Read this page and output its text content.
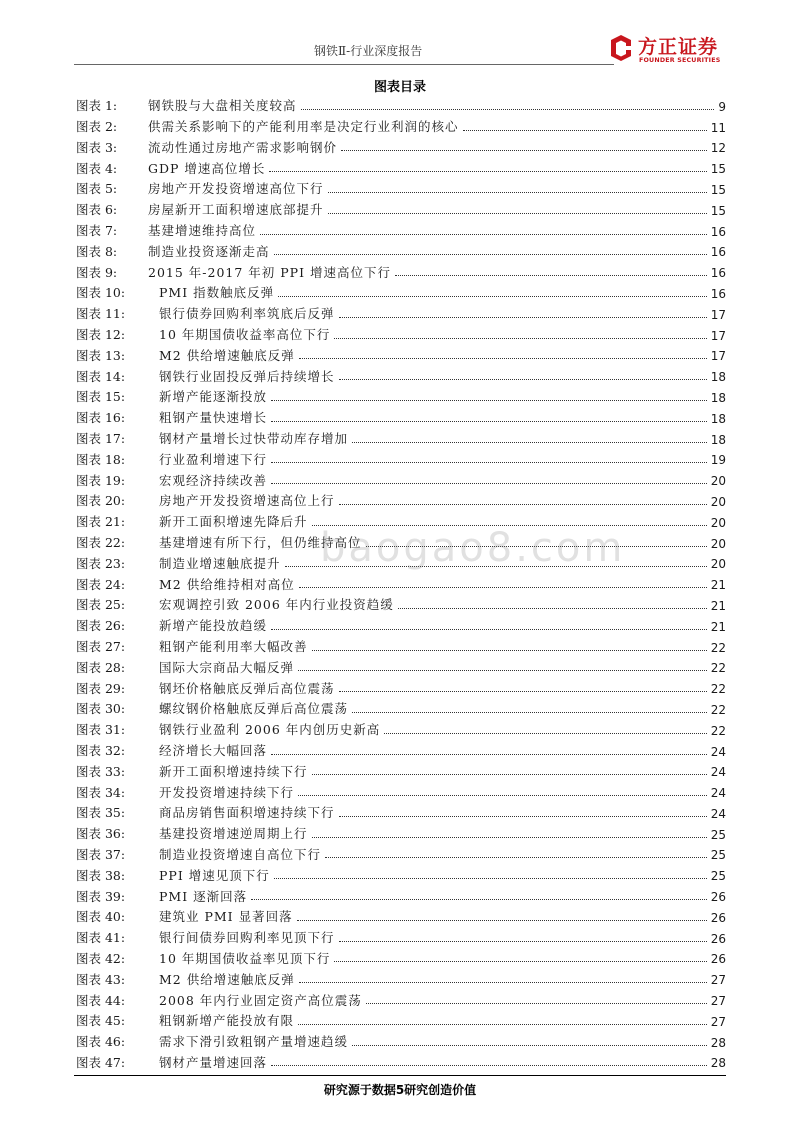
钢铁Ⅱ-行业深度报告	方正证券
FOUNDER SECURITIES
图表目录
图表 1:	钢铁股与大盘相关度较高	9
图表 2:	供需关系影响下的产能利用率是决定行业利润的核心	11
图表 3:	流动性通过房地产需求影响钢价	12
图表 4:	GDP 增速高位增长	15
图表 5:	房地产开发投资增速高位下行	15
图表 6:	房屋新开工面积增速底部提升	15
图表 7:	基建增速维持高位	16
图表 8:	制造业投资逐渐走高	16
图表 9:	2015 年-2017 年初 PPI 增速高位下行	16
图表 10:	PMI 指数触底反弹	16
图表 11:	银行债券回购利率筑底后反弹	17
图表 12:	10 年期国债收益率高位下行	17
图表 13:	M2 供给增速触底反弹	17
图表 14:	钢铁行业固投反弹后持续增长	18
图表 15:	新增产能逐渐投放	18
图表 16:	粗钢产量快速增长	18
图表 17:	钢材产量增长过快带动库存增加	18
图表 18:	行业盈利增速下行	19
图表 19:	宏观经济持续改善	20
图表 20:	房地产开发投资增速高位上行	20
图表 21:	新开工面积增速先降后升	20
图表 22:	基建增速有所下行，但仍维持高位	20
图表 23:	制造业增速触底提升	20
图表 24:	M2 供给维持相对高位	21
图表 25:	宏观调控引致 2006 年内行业投资趋缓	21
图表 26:	新增产能投放趋缓	21
图表 27:	粗钢产能利用率大幅改善	22
图表 28:	国际大宗商品大幅反弹	22
图表 29:	钢坯价格触底反弹后高位震荡	22
图表 30:	螺纹钢价格触底反弹后高位震荡	22
图表 31:	钢铁行业盈利 2006 年内创历史新高	22
图表 32:	经济增长大幅回落	24
图表 33:	新开工面积增速持续下行	24
图表 34:	开发投资增速持续下行	24
图表 35:	商品房销售面积增速持续下行	24
图表 36:	基建投资增速逆周期上行	25
图表 37:	制造业投资增速自高位下行	25
图表 38:	PPI 增速见顶下行	25
图表 39:	PMI 逐渐回落	26
图表 40:	建筑业 PMI 显著回落	26
图表 41:	银行间债券回购利率见顶下行	26
图表 42:	10 年期国债收益率见顶下行	26
图表 43:	M2 供给增速触底反弹	27
图表 44:	2008 年内行业固定资产高位震荡	27
图表 45:	粗钢新增产能投放有限	27
图表 46:	需求下滑引致粗钢产量增速趋缓	28
图表 47:	钢材产量增速回落	28
baogao8.com
研究源于数据5研究创造价值
